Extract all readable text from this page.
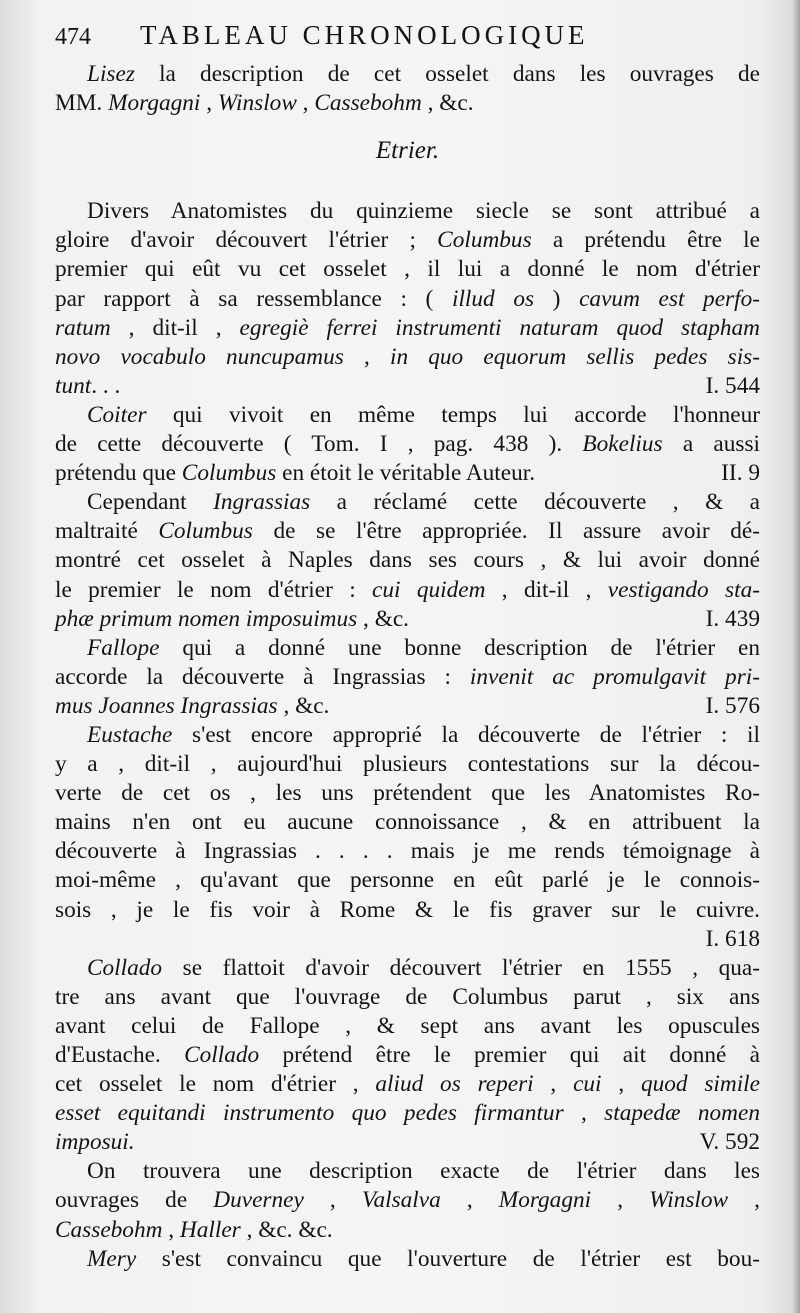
474	TABLEAU CHRONOLOGIQUE
Lisez la description de cet osselet dans les ouvrages de
MM. Morgagni , Winslow , Cassebohm , &c.
Etrier.
Divers Anatomistes du quinzieme siecle se sont attribué a
gloire d'avoir découvert l'étrier ; Columbus a prétendu être le
premier qui eût vu cet osselet , il lui a donné le nom d'étrier
par rapport à sa ressemblance : ( illud os ) cavum est perfo-
ratum , dit-il , egregiè ferrei instrumenti naturam quod stapham
novo vocabulo nuncupamus , in quo equorum sellis pedes sis-
tunt. . .	I. 544
Coiter qui vivoit en même temps lui accorde l'honneur
de cette découverte ( Tom. I , pag. 438 ). Bokelius a aussi
prétendu que Columbus en étoit le véritable Auteur.	II. 9
Cependant Ingrassias a réclamé cette découverte , & a
maltraité Columbus de se l'être appropriée. Il assure avoir dé-
montré cet osselet à Naples dans ses cours , & lui avoir donné
le premier le nom d'étrier : cui quidem , dit-il , vestigando sta-
phæ primum nomen imposuimus , &c.	I. 439
Fallope qui a donné une bonne description de l'étrier en
accorde la découverte à Ingrassias : invenit ac promulgavit pri-
mus Joannes Ingrassias , &c.	I. 576
Eustache s'est encore approprié la découverte de l'étrier : il
y a , dit-il , aujourd'hui plusieurs contestations sur la décou-
verte de cet os , les uns prétendent que les Anatomistes Ro-
mains n'en ont eu aucune connoissance , & en attribuent la
découverte à Ingrassias . . . . mais je me rends témoignage à
moi-même , qu'avant que personne en eût parlé je le connois-
sois , je le fis voir à Rome & le fis graver sur le cuivre.
I. 618
Collado se flattoit d'avoir découvert l'étrier en 1555 , qua-
tre ans avant que l'ouvrage de Columbus parut , six ans
avant celui de Fallope , & sept ans avant les opuscules
d'Eustache. Collado prétend être le premier qui ait donné à
cet osselet le nom d'étrier , aliud os reperi , cui , quod simile
esset equitandi instrumento quo pedes firmantur , stapedæ nomen
imposui.	V. 592
On trouvera une description exacte de l'étrier dans les
ouvrages de Duverney , Valsalva , Morgagni , Winslow ,
Cassebohm , Haller , &c. &c.
Mery s'est convaincu que l'ouverture de l'étrier est bou-
